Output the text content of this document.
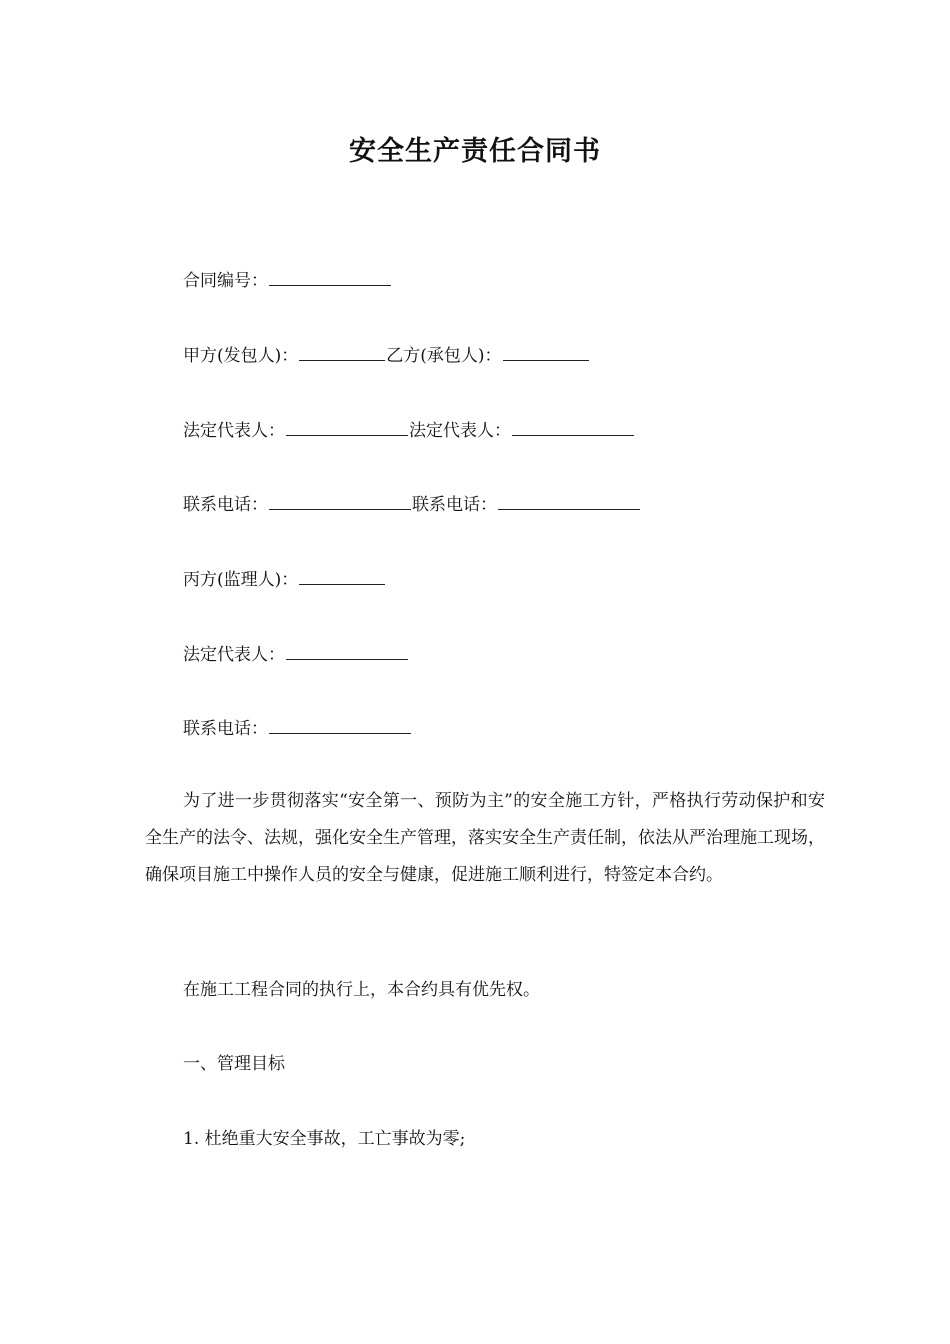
安全生产责任合同书
合同编号：
甲方(发包人)：	乙方(承包人)：
法定代表人：	法定代表人：
联系电话：	联系电话：
丙方(监理人)：
法定代表人：
联系电话：

为了进一步贯彻落实“安全第一、预防为主”的安全施工方针，严格执行劳动保护和安全生产的法令、法规，强化安全生产管理，落实安全生产责任制，依法从严治理施工现场，确保项目施工中操作人员的安全与健康，促进施工顺利进行，特签定本合约。

在施工工程合同的执行上，本合约具有优先权。
一、管理目标
1. 杜绝重大安全事故，工亡事故为零;
